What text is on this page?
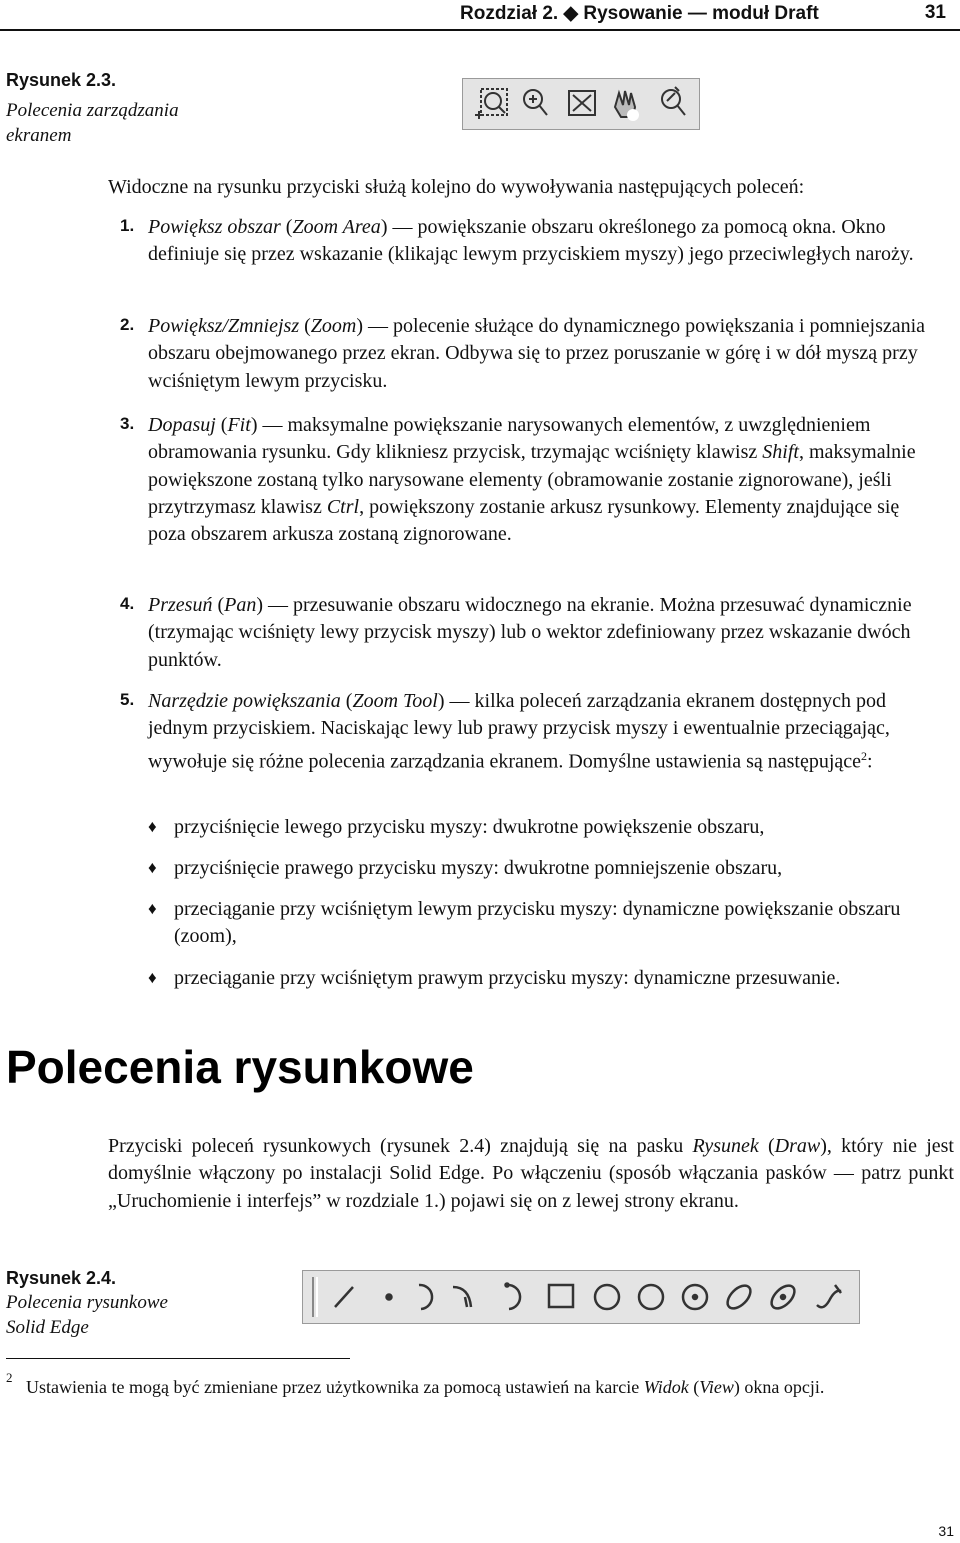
Rozdział 2. ◆ Rysowanie — moduł Draft	31
Rysunek 2.3.
Polecenia zarządzania ekranem
Widoczne na rysunku przyciski służą kolejno do wywoływania następujących poleceń:
1. Powiększ obszar (Zoom Area) — powiększanie obszaru określonego za pomocą okna. Okno definiuje się przez wskazanie (klikając lewym przyciskiem myszy) jego przeciwległych naroży.
2. Powiększ/Zmniejsz (Zoom) — polecenie służące do dynamicznego powiększania i pomniejszania obszaru obejmowanego przez ekran. Odbywa się to przez poruszanie w górę i w dół myszą przy wciśniętym lewym przycisku.
3. Dopasuj (Fit) — maksymalne powiększanie narysowanych elementów, z uwzględnieniem obramowania rysunku. Gdy klikniesz przycisk, trzymając wciśnięty klawisz Shift, maksymalnie powiększone zostaną tylko narysowane elementy (obramowanie zostanie zignorowane), jeśli przytrzymasz klawisz Ctrl, powiększony zostanie arkusz rysunkowy. Elementy znajdujące się poza obszarem arkusza zostaną zignorowane.
4. Przesuń (Pan) — przesuwanie obszaru widocznego na ekranie. Można przesuwać dynamicznie (trzymając wciśnięty lewy przycisk myszy) lub o wektor zdefiniowany przez wskazanie dwóch punktów.
5. Narzędzie powiększania (Zoom Tool) — kilka poleceń zarządzania ekranem dostępnych pod jednym przyciskiem. Naciskając lewy lub prawy przycisk myszy i ewentualnie przeciągając, wywołuje się różne polecenia zarządzania ekranem. Domyślne ustawienia są następujące$^2$:
♦ przyciśnięcie lewego przycisku myszy: dwukrotne powiększenie obszaru,
♦ przyciśnięcie prawego przycisku myszy: dwukrotne pomniejszenie obszaru,
♦ przeciąganie przy wciśniętym lewym przycisku myszy: dynamiczne powiększanie obszaru (zoom),
♦ przeciąganie przy wciśniętym prawym przycisku myszy: dynamiczne przesuwanie.
Polecenia rysunkowe
Przyciski poleceń rysunkowych (rysunek 2.4) znajdują się na pasku Rysunek (Draw), który nie jest domyślnie włączony po instalacji Solid Edge. Po włączeniu (sposób włączania pasków — patrz punkt „Uruchomienie i interfejs” w rozdziale 1.) pojawi się on z lewej strony ekranu.
Rysunek 2.4.
Polecenia rysunkowe Solid Edge
2 Ustawienia te mogą być zmieniane przez użytkownika za pomocą ustawień na karcie Widok (View) okna opcji.
31
